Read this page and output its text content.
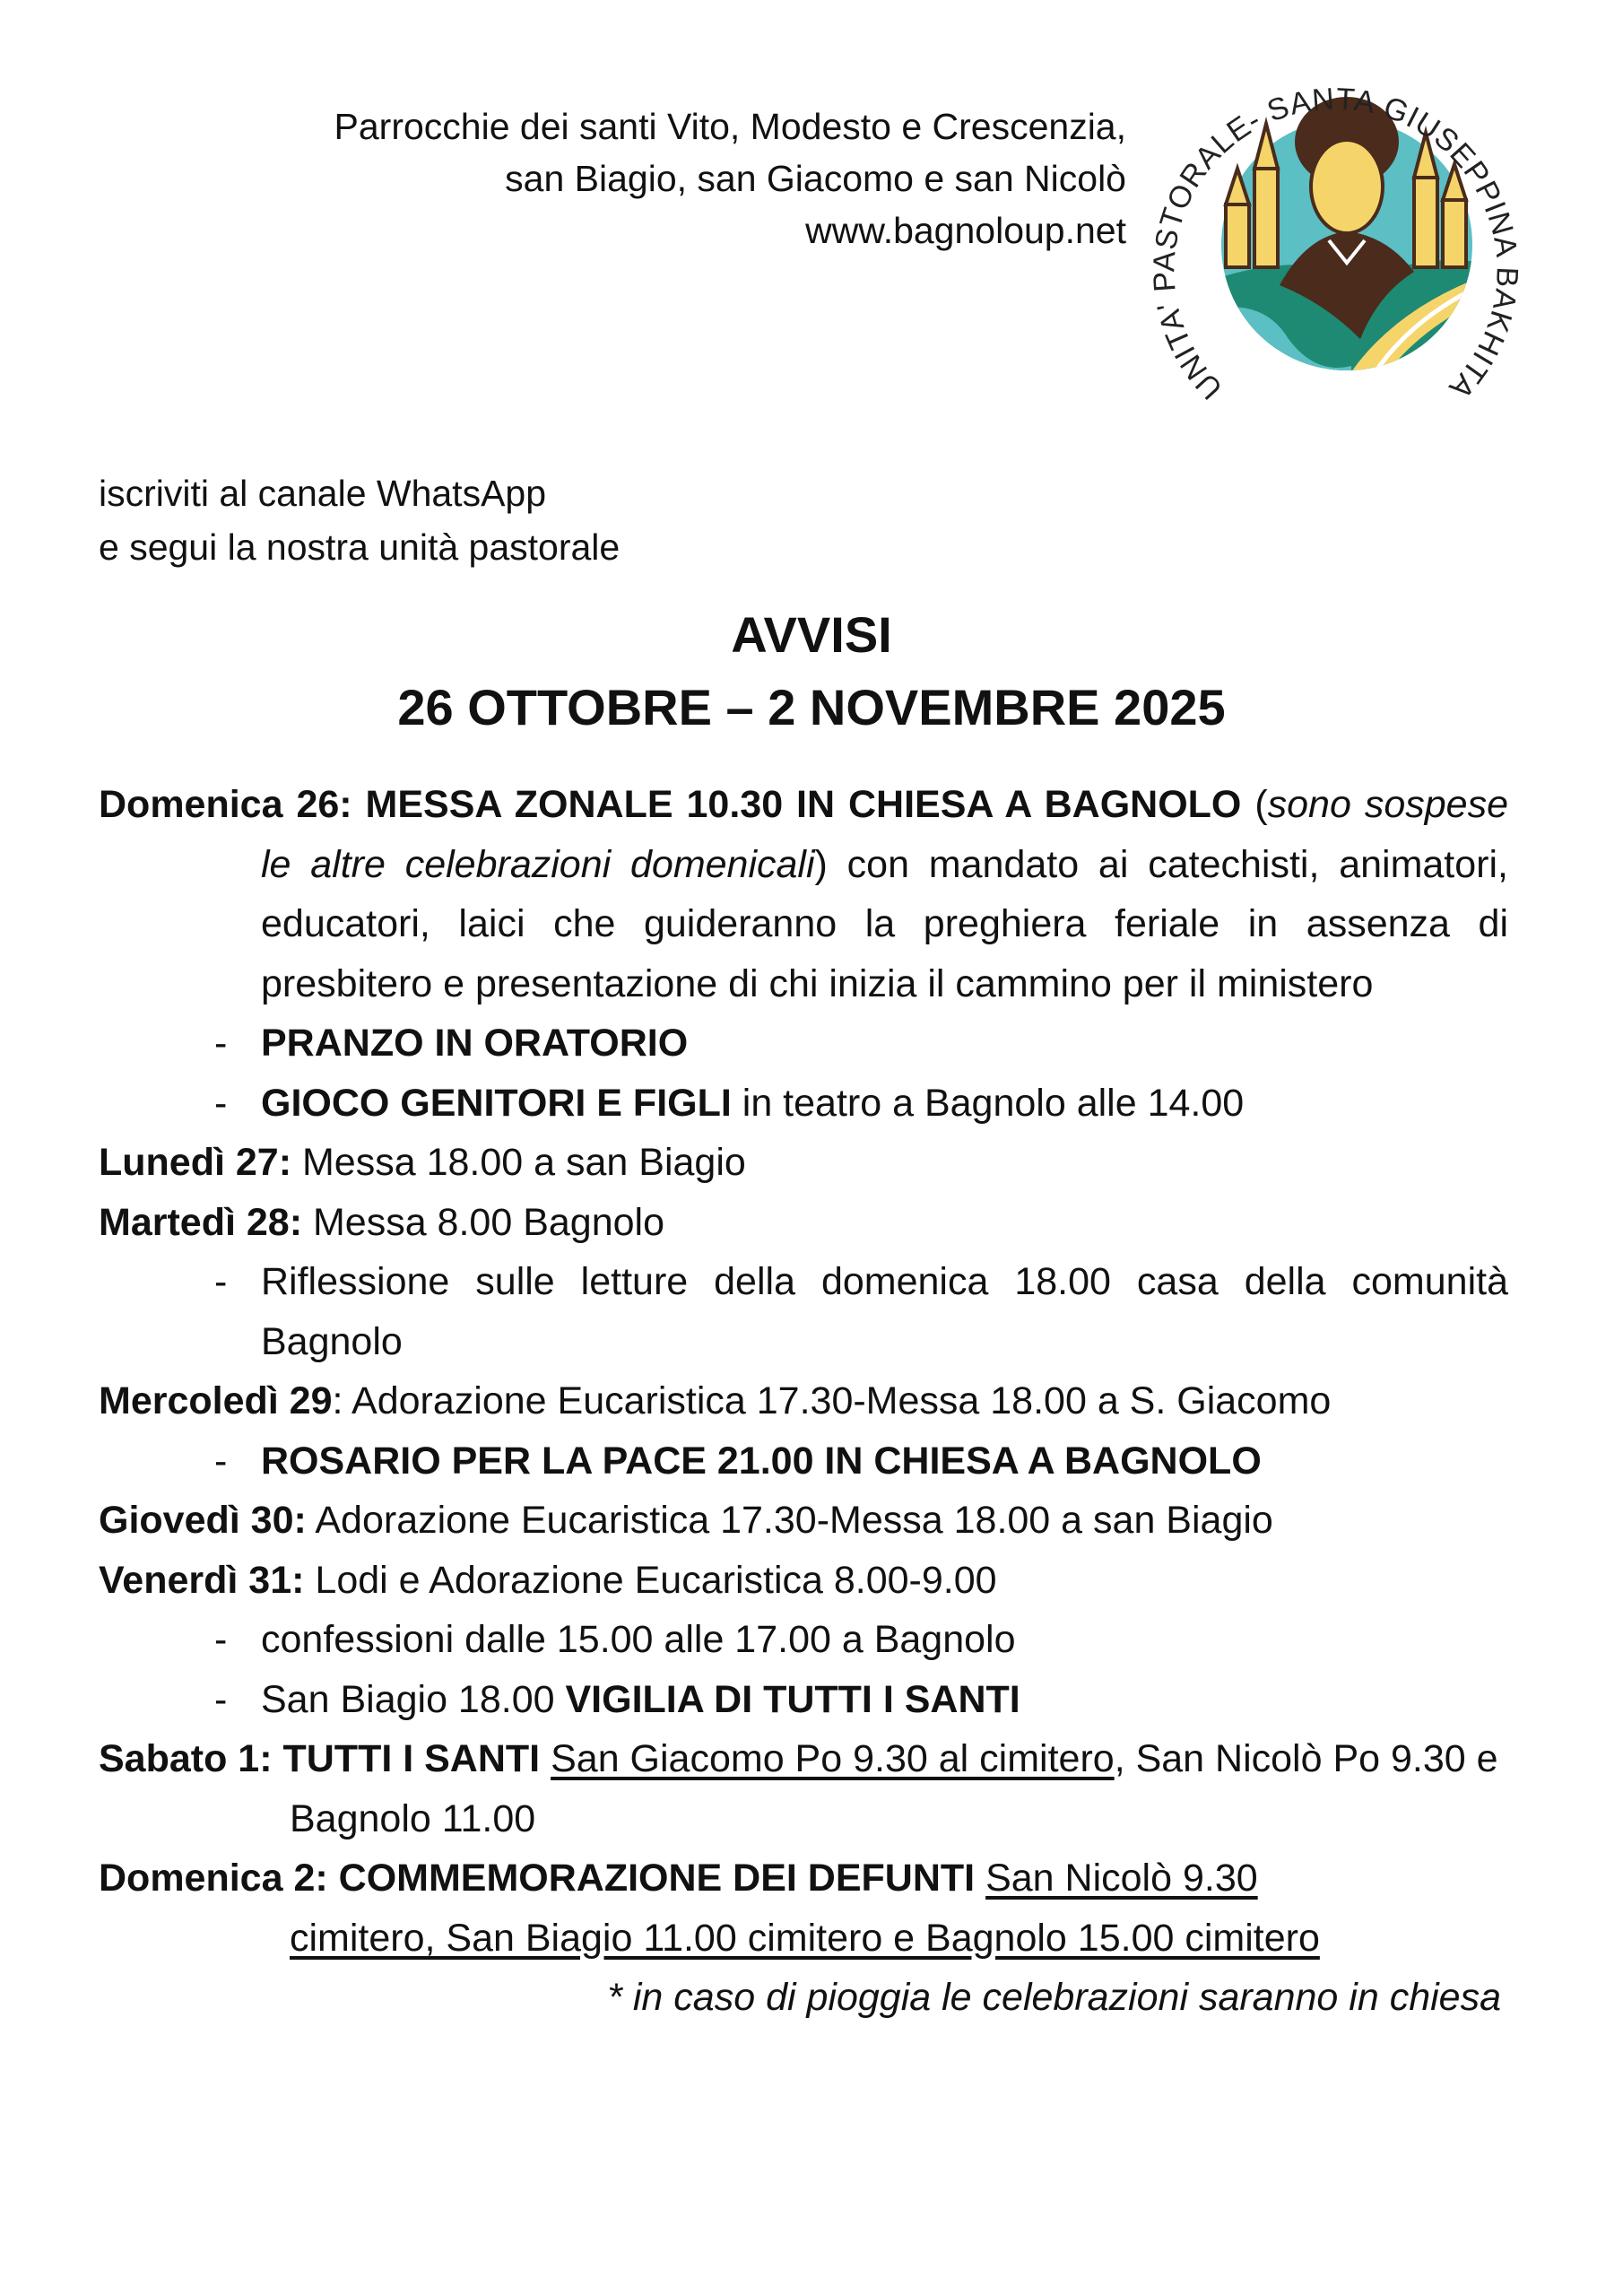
Parrocchie dei santi Vito, Modesto e Crescenzia,
san Biagio, san Giacomo e san Nicolò
www.bagnoloup.net
UNITA' PASTORALE- SANTA GIUSEPPINA BAKHITA
iscriviti al canale WhatsApp
e segui la nostra unità pastorale
AVVISI
26 OTTOBRE – 2 NOVEMBRE 2025

Domenica 26: MESSA ZONALE 10.30 IN CHIESA A BAGNOLO (sono sospese le altre celebrazioni domenicali) con mandato ai catechisti, animatori, educatori, laici che guideranno la preghiera feriale in assenza di presbitero e presentazione di chi inizia il cammino per il ministero

- PRANZO IN ORATORIO

- GIOCO GENITORI E FIGLI in teatro a Bagnolo alle 14.00

Lunedì 27: Messa 18.00 a san Biagio

Martedì 28: Messa 8.00 Bagnolo

- Riflessione sulle letture della domenica 18.00 casa della comunità Bagnolo

Mercoledì 29: Adorazione Eucaristica 17.30-Messa 18.00 a S. Giacomo

- ROSARIO PER LA PACE 21.00 IN CHIESA A BAGNOLO

Giovedì 30: Adorazione Eucaristica 17.30-Messa 18.00 a san Biagio

Venerdì 31: Lodi e Adorazione Eucaristica 8.00-9.00

- confessioni dalle 15.00 alle 17.00 a Bagnolo

- San Biagio 18.00 VIGILIA DI TUTTI I SANTI

Sabato 1: TUTTI I SANTI San Giacomo Po 9.30 al cimitero, San Nicolò Po 9.30 e Bagnolo 11.00

Domenica 2: COMMEMORAZIONE DEI DEFUNTI San Nicolò 9.30
cimitero, San Biagio 11.00 cimitero e Bagnolo 15.00 cimitero

* in caso di pioggia le celebrazioni saranno in chiesa
